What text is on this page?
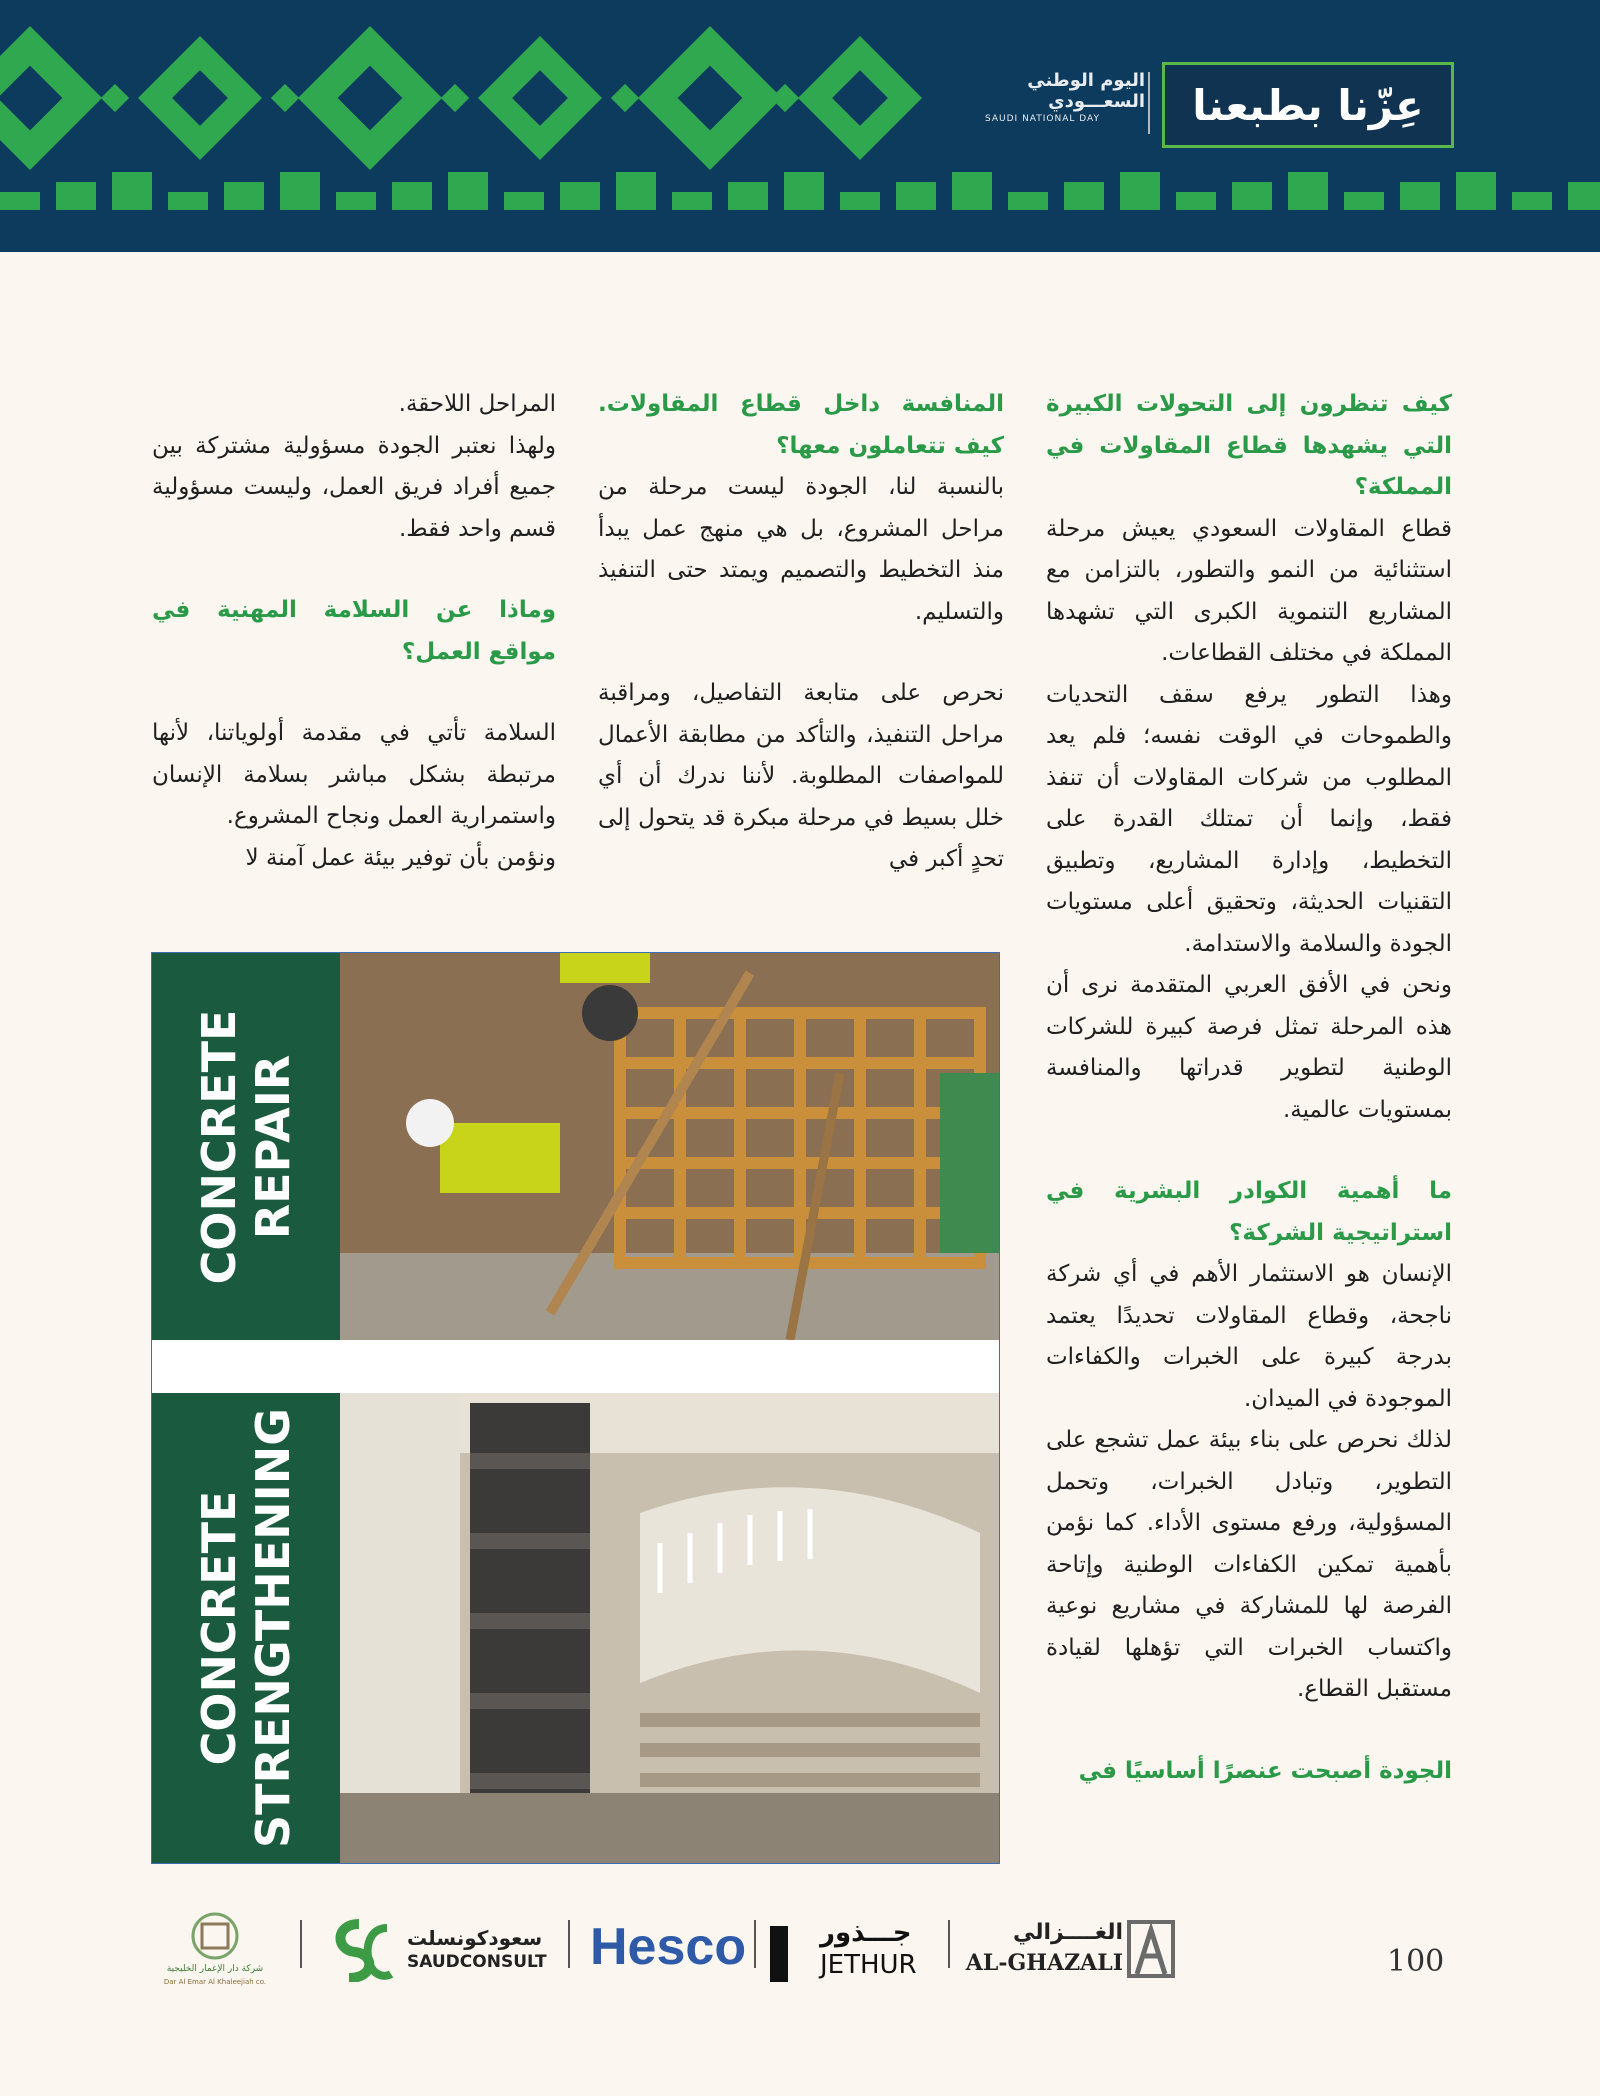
اليوم الوطني
السعـــودي
SAUDI NATIONAL DAY	عِزّنا بطبعنا

كيف تنظرون إلى التحولات الكبيرة التي يشهدها قطاع المقاولات في المملكة؟

قطاع المقاولات السعودي يعيش مرحلة استثنائية من النمو والتطور، بالتزامن مع المشاريع التنموية الكبرى التي تشهدها المملكة في مختلف القطاعات.

وهذا التطور يرفع سقف التحديات والطموحات في الوقت نفسه؛ فلم يعد المطلوب من شركات المقاولات أن تنفذ فقط، وإنما أن تمتلك القدرة على التخطيط، وإدارة المشاريع، وتطبيق التقنيات الحديثة، وتحقيق أعلى مستويات الجودة والسلامة والاستدامة.

ونحن في الأفق العربي المتقدمة نرى أن هذه المرحلة تمثل فرصة كبيرة للشركات الوطنية لتطوير قدراتها والمنافسة بمستويات عالمية.

ما أهمية الكوادر البشرية في استراتيجية الشركة؟

الإنسان هو الاستثمار الأهم في أي شركة ناجحة، وقطاع المقاولات تحديدًا يعتمد بدرجة كبيرة على الخبرات والكفاءات الموجودة في الميدان.

لذلك نحرص على بناء بيئة عمل تشجع على التطوير، وتبادل الخبرات، وتحمل المسؤولية، ورفع مستوى الأداء. كما نؤمن بأهمية تمكين الكفاءات الوطنية وإتاحة الفرصة لها للمشاركة في مشاريع نوعية واكتساب الخبرات التي تؤهلها لقيادة مستقبل القطاع.

الجودة أصبحت عنصرًا أساسيًا في

المنافسة داخل قطاع المقاولات. كيف تتعاملون معها؟

بالنسبة لنا، الجودة ليست مرحلة من مراحل المشروع، بل هي منهج عمل يبدأ منذ التخطيط والتصميم ويمتد حتى التنفيذ والتسليم.

نحرص على متابعة التفاصيل، ومراقبة مراحل التنفيذ، والتأكد من مطابقة الأعمال للمواصفات المطلوبة. لأننا ندرك أن أي خلل بسيط في مرحلة مبكرة قد يتحول إلى تحدٍ أكبر في

المراحل اللاحقة.

ولهذا نعتبر الجودة مسؤولية مشتركة بين جميع أفراد فريق العمل، وليست مسؤولية قسم واحد فقط.

وماذا عن السلامة المهنية في مواقع العمل؟

السلامة تأتي في مقدمة أولوياتنا، لأنها مرتبطة بشكل مباشر بسلامة الإنسان واستمرارية العمل ونجاح المشروع.

ونؤمن بأن توفير بيئة عمل آمنة لا

CONCRETE REPAIR
CONCRETE STRENGTHENING
الغــــزالي
AL-GHAZALI
جـــذور
JETHUR
Hesco
سعودكونسلت
SAUDCONSULT
شركة دار الإعمار الخليجية
Dar Al Emar Al Khaleejiah co.
100
